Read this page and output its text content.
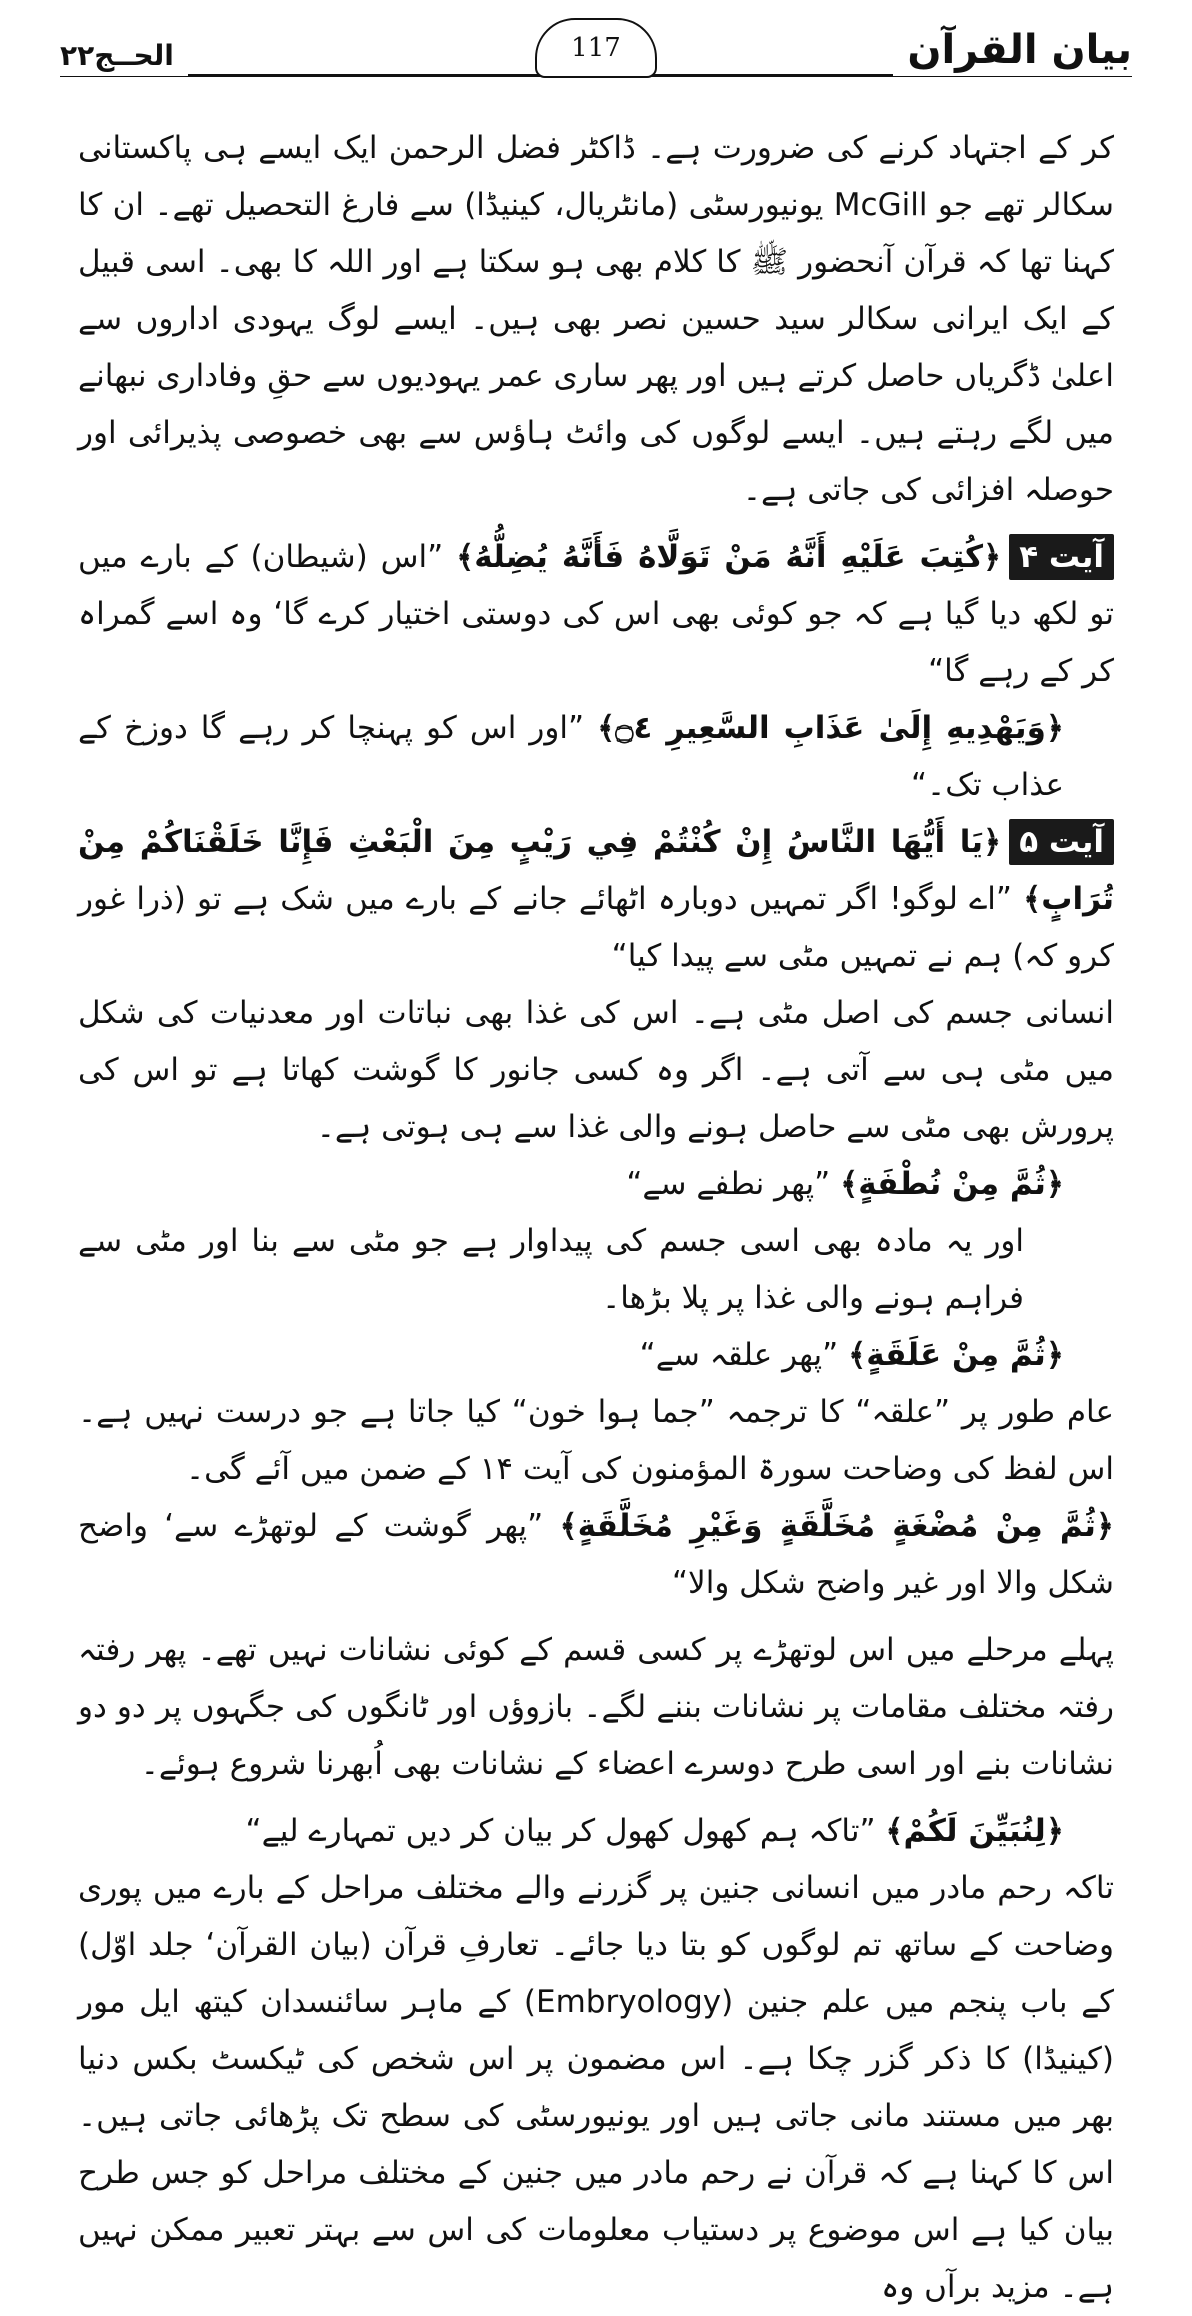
بیان القرآن
117
الحــج۲۲

کر کے اجتہاد کرنے کی ضرورت ہے۔ ڈاکٹر فضل الرحمن ایک ایسے ہی پاکستانی سکالر تھے جو McGill یونیورسٹی (مانٹریال، کینیڈا) سے فارغ التحصیل تھے۔ ان کا کہنا تھا کہ قرآن آنحضور ﷺ کا کلام بھی ہو سکتا ہے اور اللہ کا بھی۔ اسی قبیل کے ایک ایرانی سکالر سید حسین نصر بھی ہیں۔ ایسے لوگ یہودی اداروں سے اعلیٰ ڈگریاں حاصل کرتے ہیں اور پھر ساری عمر یہودیوں سے حقِ وفاداری نبھانے میں لگے رہتے ہیں۔ ایسے لوگوں کی وائٹ ہاؤس سے بھی خصوصی پذیرائی اور حوصلہ افزائی کی جاتی ہے۔

آیت ۴﴿كُتِبَ عَلَيْهِ أَنَّهُ مَنْ تَوَلَّاهُ فَأَنَّهُ يُضِلُّهُ﴾ ”اس (شیطان) کے بارے میں تو لکھ دیا گیا ہے کہ جو کوئی بھی اس کی دوستی اختیار کرے گا‘ وہ اسے گمراہ کر کے رہے گا“

﴿وَيَهْدِيهِ إِلَىٰ عَذَابِ السَّعِيرِ ۝٤﴾ ”اور اس کو پہنچا کر رہے گا دوزخ کے عذاب تک۔“

آیت ۵﴿يَا أَيُّهَا النَّاسُ إِنْ كُنْتُمْ فِي رَيْبٍ مِنَ الْبَعْثِ فَإِنَّا خَلَقْنَاكُمْ مِنْ تُرَابٍ﴾ ”اے لوگو! اگر تمہیں دوبارہ اٹھائے جانے کے بارے میں شک ہے تو (ذرا غور کرو کہ) ہم نے تمہیں مٹی سے پیدا کیا“

انسانی جسم کی اصل مٹی ہے۔ اس کی غذا بھی نباتات اور معدنیات کی شکل میں مٹی ہی سے آتی ہے۔ اگر وہ کسی جانور کا گوشت کھاتا ہے تو اس کی پرورش بھی مٹی سے حاصل ہونے والی غذا سے ہی ہوتی ہے۔

﴿ثُمَّ مِنْ نُطْفَةٍ﴾ ”پھر نطفے سے“

اور یہ مادہ بھی اسی جسم کی پیداوار ہے جو مٹی سے بنا اور مٹی سے فراہم ہونے والی غذا پر پلا بڑھا۔

﴿ثُمَّ مِنْ عَلَقَةٍ﴾ ”پھر علقہ سے“

عام طور پر ”علقہ“ کا ترجمہ ”جما ہوا خون“ کیا جاتا ہے جو درست نہیں ہے۔ اس لفظ کی وضاحت سورۃ المؤمنون کی آیت ۱۴ کے ضمن میں آئے گی۔

﴿ثُمَّ مِنْ مُضْغَةٍ مُخَلَّقَةٍ وَغَيْرِ مُخَلَّقَةٍ﴾ ”پھر گوشت کے لوتھڑے سے‘ واضح شکل والا اور غیر واضح شکل والا“

پہلے مرحلے میں اس لوتھڑے پر کسی قسم کے کوئی نشانات نہیں تھے۔ پھر رفتہ رفتہ مختلف مقامات پر نشانات بننے لگے۔ بازوؤں اور ٹانگوں کی جگہوں پر دو دو نشانات بنے اور اسی طرح دوسرے اعضاء کے نشانات بھی اُبھرنا شروع ہوئے۔

﴿لِنُبَيِّنَ لَكُمْ﴾ ”تاکہ ہم کھول کھول کر بیان کر دیں تمہارے لیے“

تاکہ رحم مادر میں انسانی جنین پر گزرنے والے مختلف مراحل کے بارے میں پوری وضاحت کے ساتھ تم لوگوں کو بتا دیا جائے۔ تعارفِ قرآن (بیان القرآن‘ جلد اوّل) کے باب پنجم میں علم جنین (Embryology) کے ماہر سائنسدان کیتھ ایل مور (کینیڈا) کا ذکر گزر چکا ہے۔ اس مضمون پر اس شخص کی ٹیکسٹ بکس دنیا بھر میں مستند مانی جاتی ہیں اور یونیورسٹی کی سطح تک پڑھائی جاتی ہیں۔ اس کا کہنا ہے کہ قرآن نے رحم مادر میں جنین کے مختلف مراحل کو جس طرح بیان کیا ہے اس موضوع پر دستیاب معلومات کی اس سے بہتر تعبیر ممکن نہیں ہے۔ مزید برآں وہ
